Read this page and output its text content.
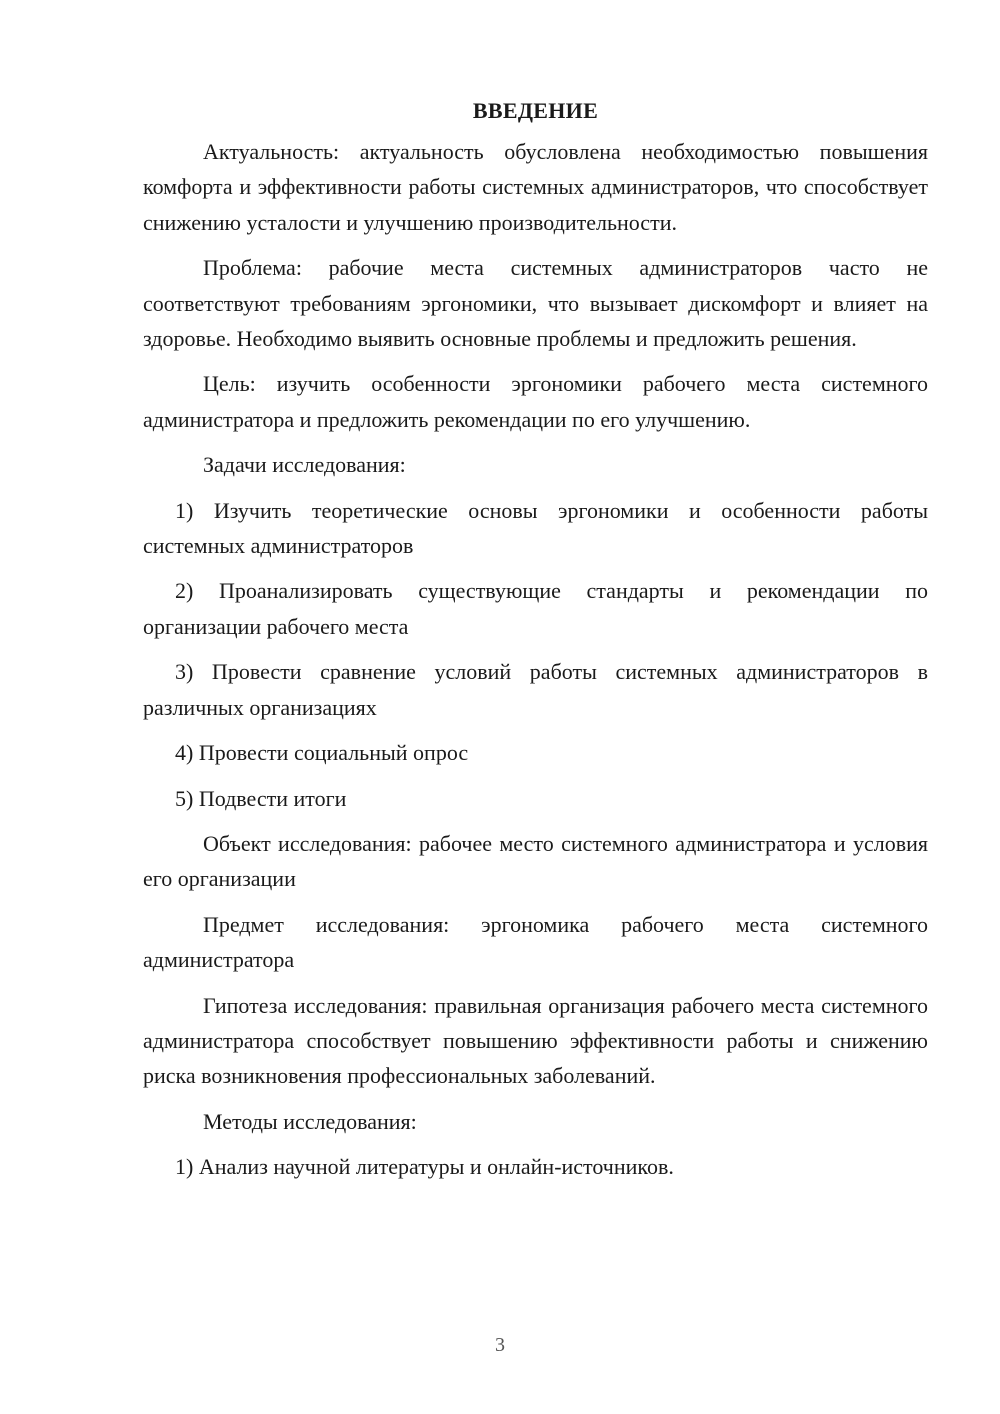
ВВЕДЕНИЕ

Актуальность: актуальность обусловлена необходимостью повышения комфорта и эффективности работы системных администраторов, что способствует снижению усталости и улучшению производительности.

Проблема: рабочие места системных администраторов часто не соответствуют требованиям эргономики, что вызывает дискомфорт и влияет на здоровье. Необходимо выявить основные проблемы и предложить решения.

Цель: изучить особенности эргономики рабочего места системного администратора и предложить рекомендации по его улучшению.

Задачи исследования:

1) Изучить теоретические основы эргономики и особенности работы системных администраторов

2) Проанализировать существующие стандарты и рекомендации по организации рабочего места

3) Провести сравнение условий работы системных администраторов в различных организациях

4) Провести социальный опрос

5) Подвести итоги

Объект исследования: рабочее место системного администратора и условия его организации

Предмет исследования: эргономика рабочего места системного администратора

Гипотеза исследования: правильная организация рабочего места системного администратора способствует повышению эффективности работы и снижению риска возникновения профессиональных заболеваний.

Методы исследования:

1) Анализ научной литературы и онлайн-источников.

3
